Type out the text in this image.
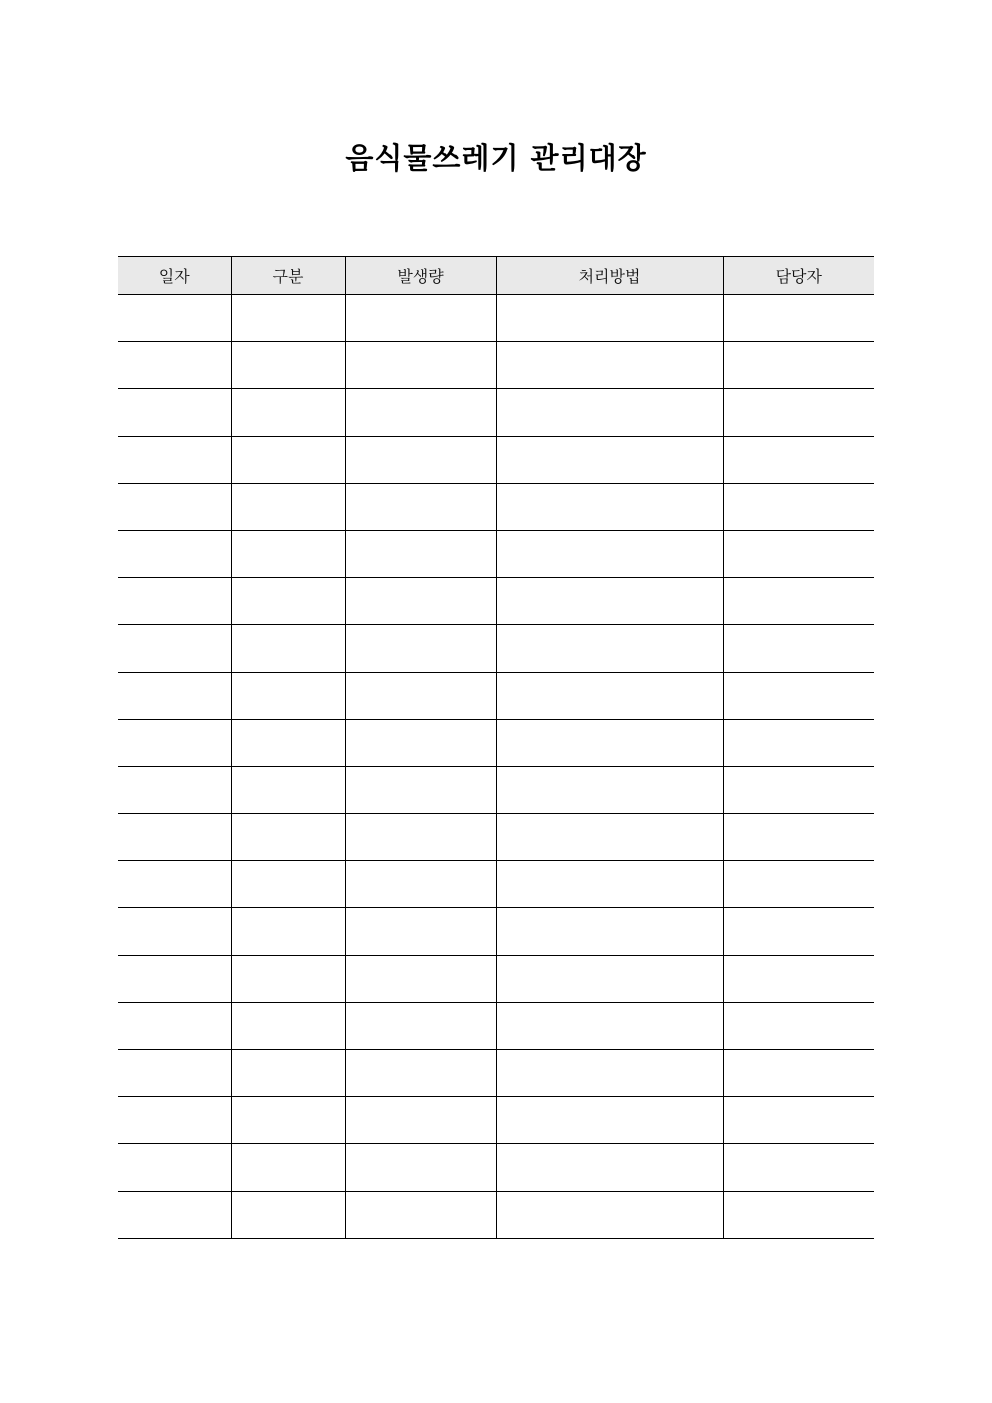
음식물쓰레기 관리대장
일자	구분	발생량	처리방법	담당자
